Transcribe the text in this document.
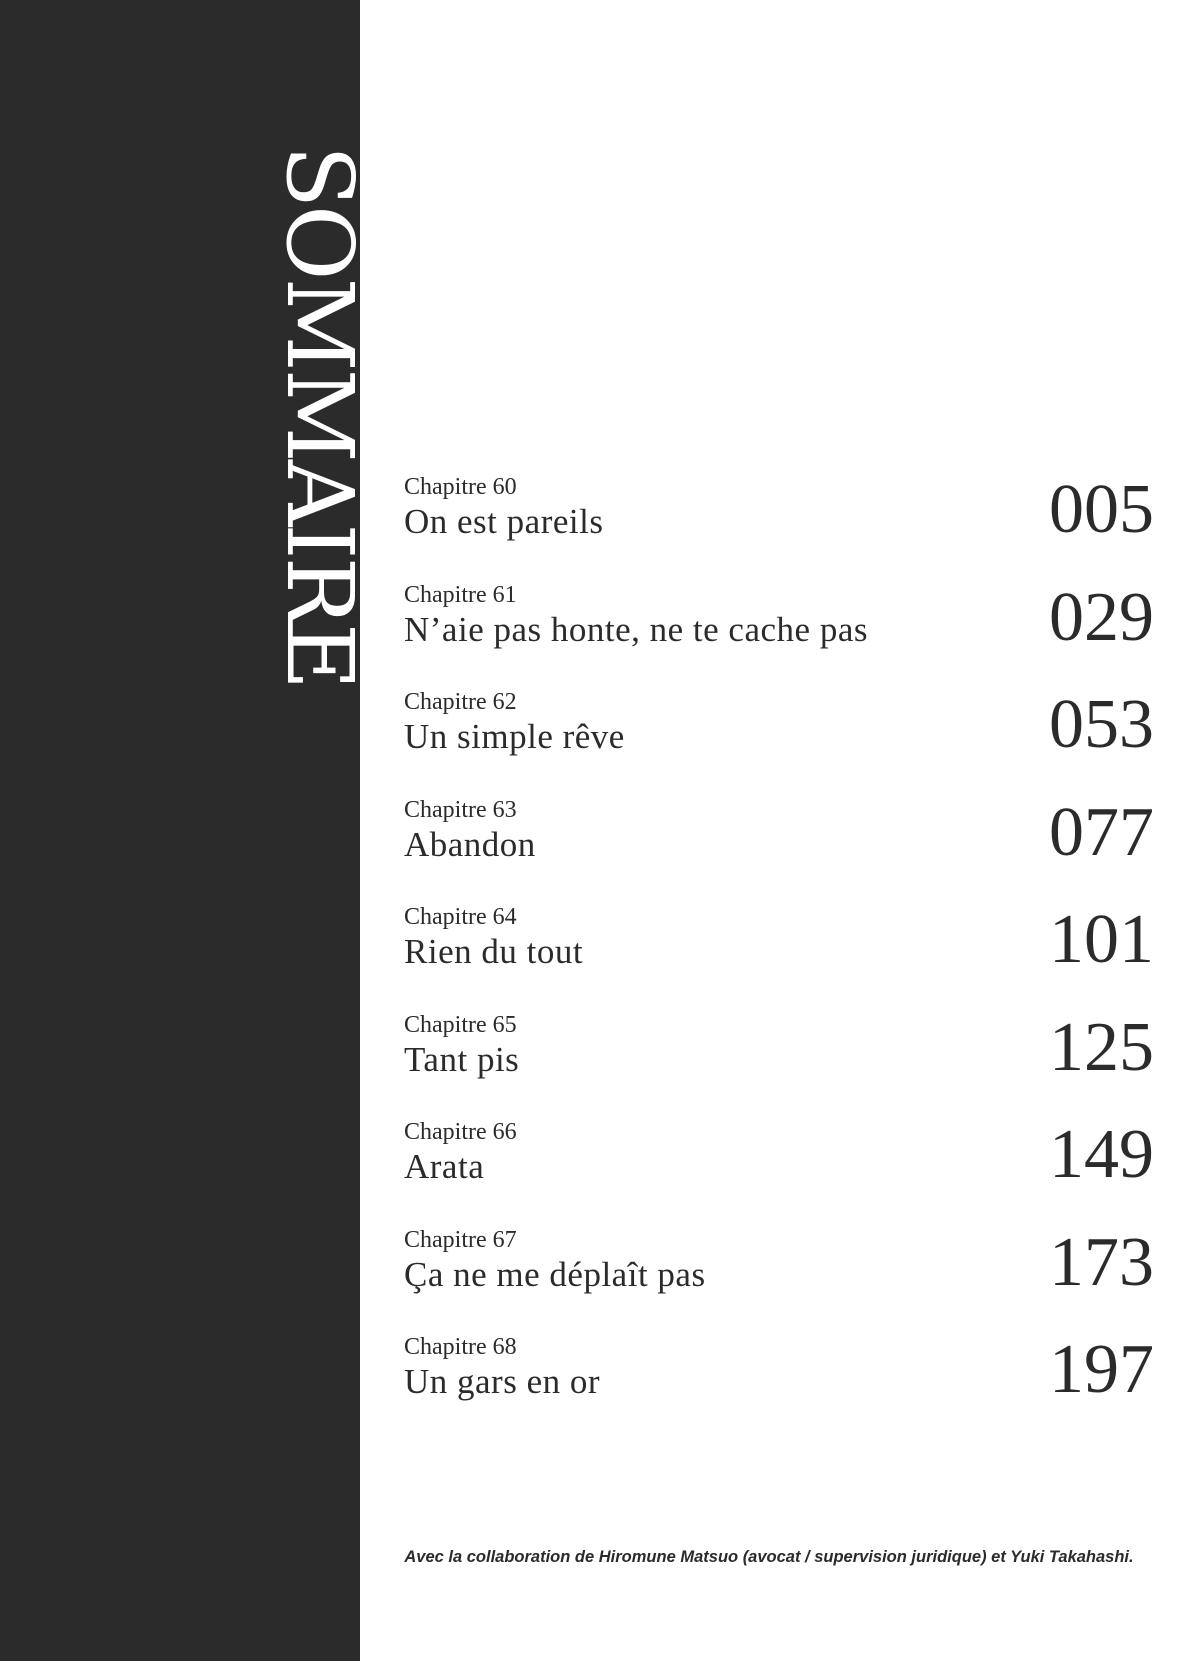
SOMMAIRE Chapitre 60
On est pareils	005
Chapitre 61
N’aie pas honte, ne te cache pas	029
Chapitre 62
Un simple rêve	053
Chapitre 63
Abandon	077
Chapitre 64
Rien du tout	101
Chapitre 65
Tant pis	125
Chapitre 66
Arata	149
Chapitre 67
Ça ne me déplaît pas	173
Chapitre 68
Un gars en or	197
Avec la collaboration de Hiromune Matsuo (avocat / supervision juridique) et Yuki Takahashi.
